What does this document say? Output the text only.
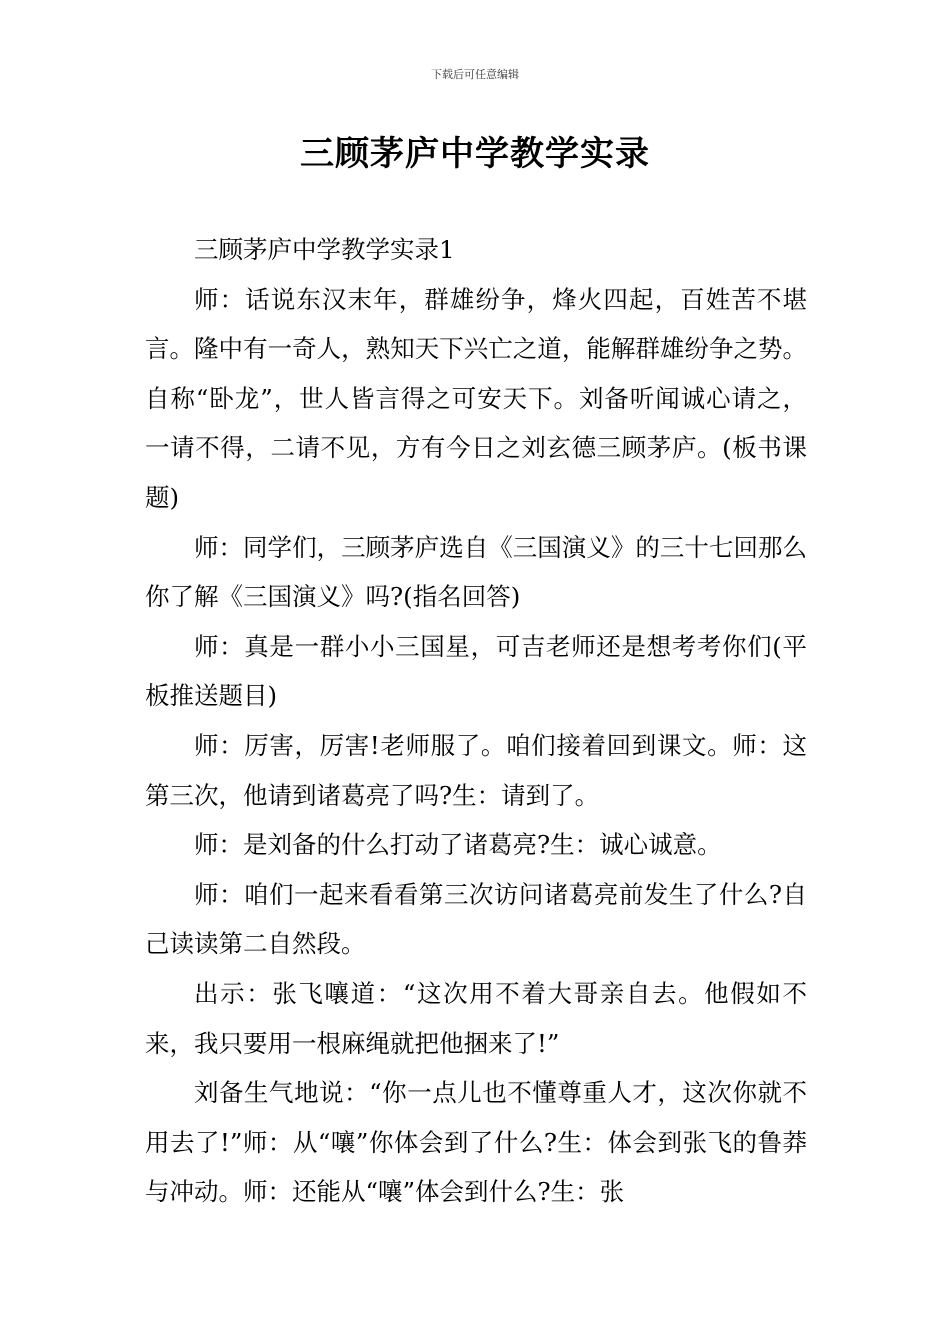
下载后可任意编辑
三顾茅庐中学教学实录

三顾茅庐中学教学实录1

师：话说东汉末年，群雄纷争，烽火四起，百姓苦不堪言。隆中有一奇人，熟知天下兴亡之道，能解群雄纷争之势。自称“卧龙”，世人皆言得之可安天下。刘备听闻诚心请之，一请不得，二请不见，方有今日之刘玄德三顾茅庐。(板书课题)

师：同学们，三顾茅庐选自《三国演义》的三十七回那么你了解《三国演义》吗?(指名回答)

师：真是一群小小三国星，可吉老师还是想考考你们(平板推送题目)

师：厉害，厉害!老师服了。咱们接着回到课文。师：这第三次，他请到诸葛亮了吗?生：请到了。

师：是刘备的什么打动了诸葛亮?生：诚心诚意。

师：咱们一起来看看第三次访问诸葛亮前发生了什么?自己读读第二自然段。

出示：张飞嚷道：“这次用不着大哥亲自去。他假如不来，我只要用一根麻绳就把他捆来了!”

刘备生气地说：“你一点儿也不懂尊重人才，这次你就不用去了!”师：从“嚷”你体会到了什么?生：体会到张飞的鲁莽与冲动。师：还能从“嚷”体会到什么?生：张
